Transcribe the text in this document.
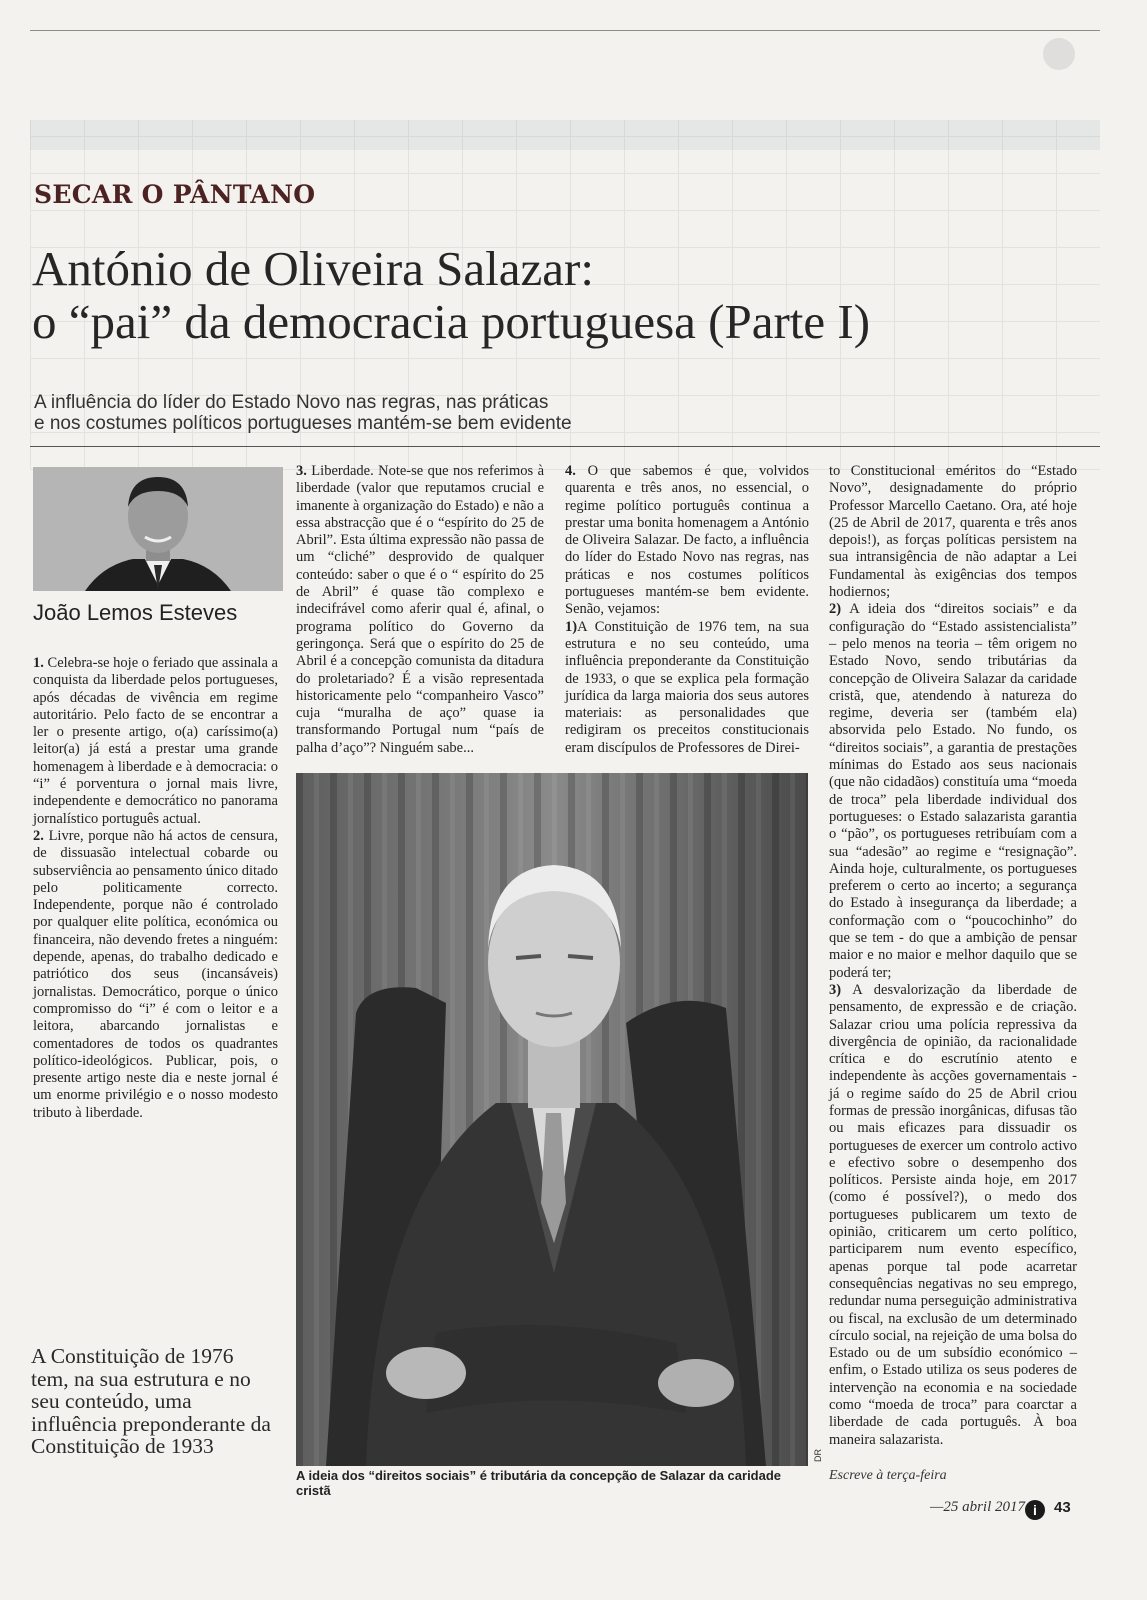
SECAR O PÂNTANO
António de Oliveira Salazar:
o “pai” da democracia portuguesa (Parte I)
A influência do líder do Estado Novo nas regras, nas práticas
e nos costumes políticos portugueses mantém-se bem evidente
João Lemos Esteves

1. Celebra-se hoje o feriado que assinala a conquista da liberdade pelos portugueses, após décadas de vivência em regime autoritário. Pelo facto de se encontrar a ler o presente artigo, o(a) caríssimo(a) leitor(a) já está a prestar uma grande homenagem à liberdade e à democracia: o “i” é porventura o jornal mais livre, independente e democrático no panorama jornalístico português actual.
2. Livre, porque não há actos de censura, de dissuasão intelectual cobarde ou subserviência ao pensamento único ditado pelo politicamente correcto. Independente, porque não é controlado por qualquer elite política, económica ou financeira, não devendo fretes a ninguém: depende, apenas, do trabalho dedicado e patriótico dos seus (incansáveis) jornalistas. Democrático, porque o único compromisso do “i” é com o leitor e a leitora, abarcando jornalistas e comentadores de todos os quadrantes político-ideológicos. Publicar, pois, o presente artigo neste dia e neste jornal é um enorme privilégio e o nosso modesto tributo à liberdade.

3. Liberdade. Note-se que nos referimos à liberdade (valor que reputamos crucial e imanente à organização do Estado) e não a essa abstracção que é o “espírito do 25 de Abril”. Esta última expressão não passa de um “cliché” desprovido de qualquer conteúdo: saber o que é o “ espírito do 25 de Abril” é quase tão complexo e indecifrável como aferir qual é, afinal, o programa político do Governo da geringonça. Será que o espírito do 25 de Abril é a concepção comunista da ditadura do proletariado? É a visão representada historicamente pelo “companheiro Vasco” cuja “muralha de aço” quase ia transformando Portugal num “país de palha d’aço”? Ninguém sabe...

4. O que sabemos é que, volvidos quarenta e três anos, no essencial, o regime político português continua a prestar uma bonita homenagem a António de Oliveira Salazar. De facto, a influência do líder do Estado Novo nas regras, nas práticas e nos costumes políticos portugueses mantém-se bem evidente. Senão, vejamos:
1)A Constituição de 1976 tem, na sua estrutura e no seu conteúdo, uma influência preponderante da Constituição de 1933, o que se explica pela formação jurídica da larga maioria dos seus autores materiais: as personalidades que redigiram os preceitos constitucionais eram discípulos de Professores de Direi-

to Constitucional eméritos do “Estado Novo”, designadamente do próprio Professor Marcello Caetano. Ora, até hoje (25 de Abril de 2017, quarenta e três anos depois!), as forças políticas persistem na sua intransigência de não adaptar a Lei Fundamental às exigências dos tempos hodiernos;
2) A ideia dos “direitos sociais” e da configuração do “Estado assistencialista” – pelo menos na teoria – têm origem no Estado Novo, sendo tributárias da concepção de Oliveira Salazar da caridade cristã, que, atendendo à natureza do regime, deveria ser (também ela) absorvida pelo Estado. No fundo, os “direitos sociais”, a garantia de prestações mínimas do Estado aos seus nacionais (que não cidadãos) constituía uma “moeda de troca” pela liberdade individual dos portugueses: o Estado salazarista garantia o “pão”, os portugueses retribuíam com a sua “adesão” ao regime e “resignação”. Ainda hoje, culturalmente, os portugueses preferem o certo ao incerto; a segurança do Estado à insegurança da liberdade; a conformação com o “poucochinho” do que se tem - do que a ambição de pensar maior e no maior e melhor daquilo que se poderá ter;
3) A desvalorização da liberdade de pensamento, de expressão e de criação. Salazar criou uma polícia repressiva da divergência de opinião, da racionalidade crítica e do escrutínio atento e independente às acções governamentais - já o regime saído do 25 de Abril criou formas de pressão inorgânicas, difusas tão ou mais eficazes para dissuadir os portugueses de exercer um controlo activo e efectivo sobre o desempenho dos políticos. Persiste ainda hoje, em 2017 (como é possível?), o medo dos portugueses publicarem um texto de opinião, criticarem um certo político, participarem num evento específico, apenas porque tal pode acarretar consequências negativas no seu emprego, redundar numa perseguição administrativa ou fiscal, na exclusão de um determinado círculo social, na rejeição de uma bolsa do Estado ou de um subsídio económico – enfim, o Estado utiliza os seus poderes de intervenção na economia e na sociedade como “moeda de troca” para coarctar a liberdade de cada português. À boa maneira salazarista.

DR
A ideia dos “direitos sociais” é tributária da concepção de Salazar da caridade cristã
A Constituição de 1976 tem, na sua estrutura e no seu conteúdo, uma influência preponderante da Constituição de 1933
Escreve à terça-feira
—25 abril 2017 i	43
